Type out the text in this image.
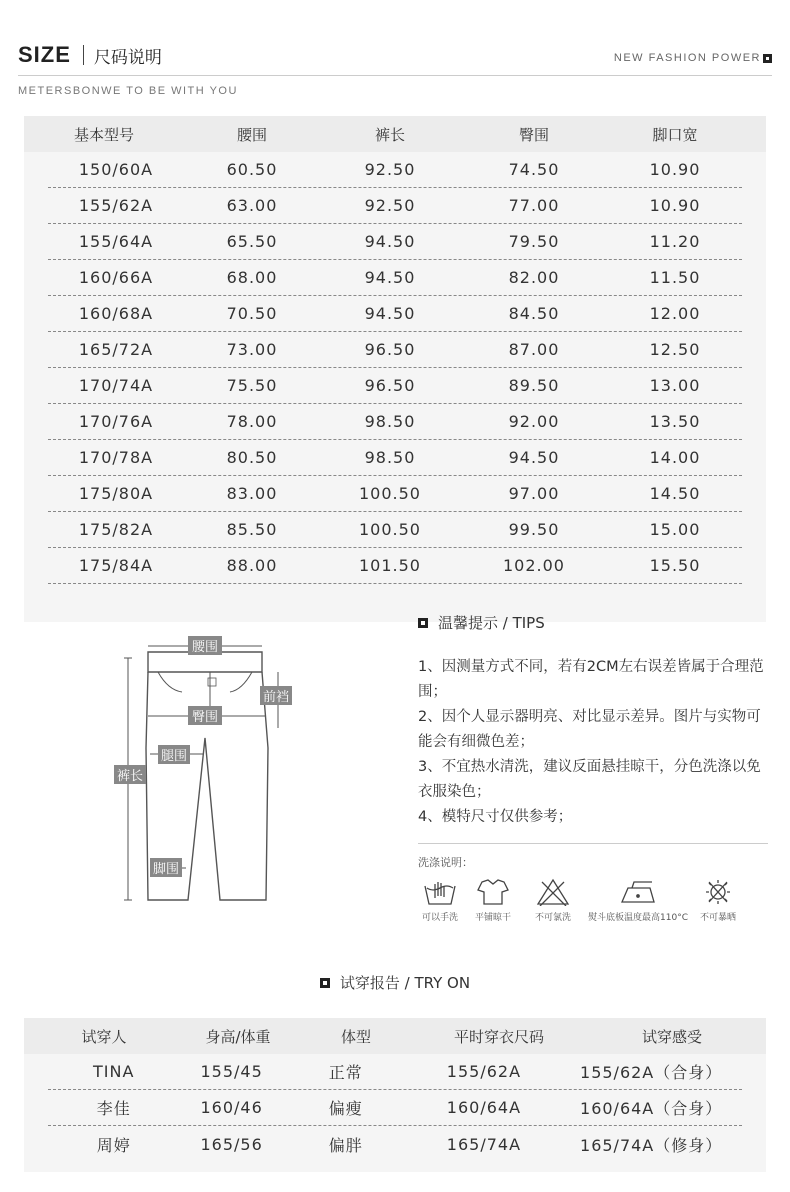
SIZE 尺码说明	NEW FASHION POWER
METERSBONWE TO BE WITH YOU
基本型号	腰围	裤长	臀围	脚口宽
150/60A	60.50	92.50	74.50	10.90
155/62A	63.00	92.50	77.00	10.90
155/64A	65.50	94.50	79.50	11.20
160/66A	68.00	94.50	82.00	11.50
160/68A	70.50	94.50	84.50	12.00
165/72A	73.00	96.50	87.00	12.50
170/74A	75.50	96.50	89.50	13.00
170/76A	78.00	98.50	92.00	13.50
170/78A	80.50	98.50	94.50	14.00
175/80A	83.00	100.50	97.00	14.50
175/82A	85.50	100.50	99.50	15.00
175/84A	88.00	101.50	102.00	15.50
腰围
前裆
臀围
腿围
裤长
脚围
温馨提示 / TIPS
1、因测量方式不同，若有2CM左右误差皆属于合理范围；
2、因个人显示器明亮、对比显示差异。图片与实物可能会有细微色差；
3、不宜热水清洗，建议反面悬挂晾干，分色洗涤以免衣服染色；
4、模特尺寸仅供参考；
洗涤说明：
可以手洗 平铺晾干	不可氯洗 熨斗底板温度最高110°C 不可暴晒
试穿报告 / TRY ON
试穿人	身高/体重	体型	平时穿衣尺码	试穿感受
TINA	155/45	正常	155/62A	155/62A（合身）
李佳	160/46	偏瘦	160/64A	160/64A（合身）
周婷	165/56	偏胖	165/74A	165/74A（修身）
